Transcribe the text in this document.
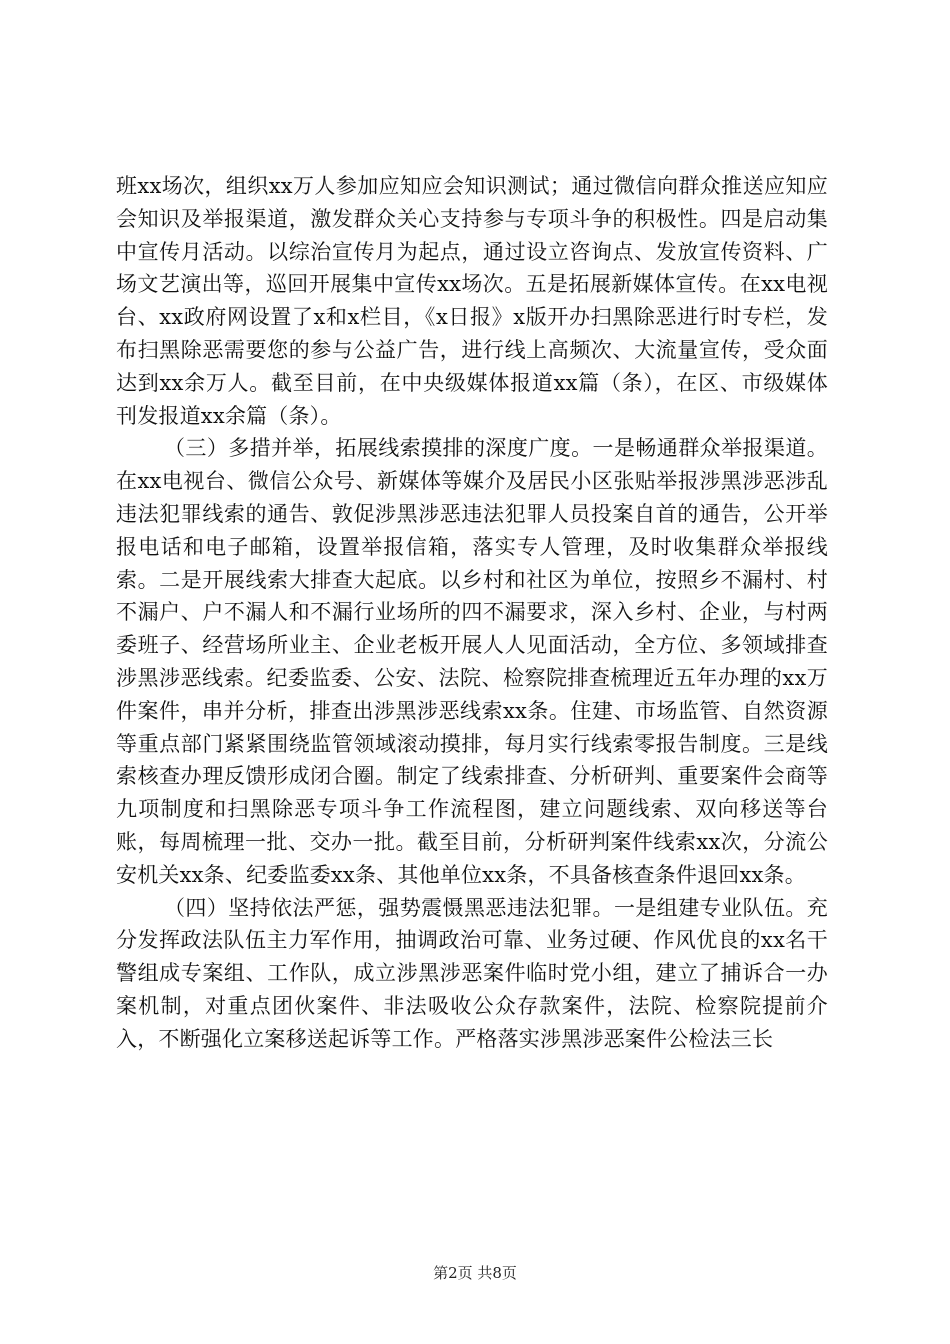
班xx场次，组织xx万人参加应知应会知识测试；通过微信向群众推送应知应会知识及举报渠道，激发群众关心支持参与专项斗争的积极性。四是启动集中宣传月活动。以综治宣传月为起点，通过设立咨询点、发放宣传资料、广场文艺演出等，巡回开展集中宣传xx场次。五是拓展新媒体宣传。在xx电视台、xx政府网设置了x和x栏目，《x日报》x版开办扫黑除恶进行时专栏，发布扫黑除恶需要您的参与公益广告，进行线上高频次、大流量宣传，受众面达到xx余万人。截至目前，在中央级媒体报道xx篇（条），在区、市级媒体刊发报道xx余篇（条）。

（三）多措并举，拓展线索摸排的深度广度。一是畅通群众举报渠道。在xx电视台、微信公众号、新媒体等媒介及居民小区张贴举报涉黑涉恶涉乱违法犯罪线索的通告、敦促涉黑涉恶违法犯罪人员投案自首的通告，公开举报电话和电子邮箱，设置举报信箱，落实专人管理，及时收集群众举报线索。二是开展线索大排查大起底。以乡村和社区为单位，按照乡不漏村、村不漏户、户不漏人和不漏行业场所的四不漏要求，深入乡村、企业，与村两委班子、经营场所业主、企业老板开展人人见面活动，全方位、多领域排查涉黑涉恶线索。纪委监委、公安、法院、检察院排查梳理近五年办理的xx万件案件，串并分析，排查出涉黑涉恶线索xx条。住建、市场监管、自然资源等重点部门紧紧围绕监管领域滚动摸排，每月实行线索零报告制度。三是线索核查办理反馈形成闭合圈。制定了线索排查、分析研判、重要案件会商等九项制度和扫黑除恶专项斗争工作流程图，建立问题线索、双向移送等台账，每周梳理一批、交办一批。截至目前，分析研判案件线索xx次，分流公安机关xx条、纪委监委xx条、其他单位xx条，不具备核查条件退回xx条。

（四）坚持依法严惩，强势震慑黑恶违法犯罪。一是组建专业队伍。充分发挥政法队伍主力军作用，抽调政治可靠、业务过硬、作风优良的xx名干警组成专案组、工作队，成立涉黑涉恶案件临时党小组，建立了捕诉合一办案机制，对重点团伙案件、非法吸收公众存款案件，法院、检察院提前介入，不断强化立案移送起诉等工作。严格落实涉黑涉恶案件公检法三长

第2页 共8页
